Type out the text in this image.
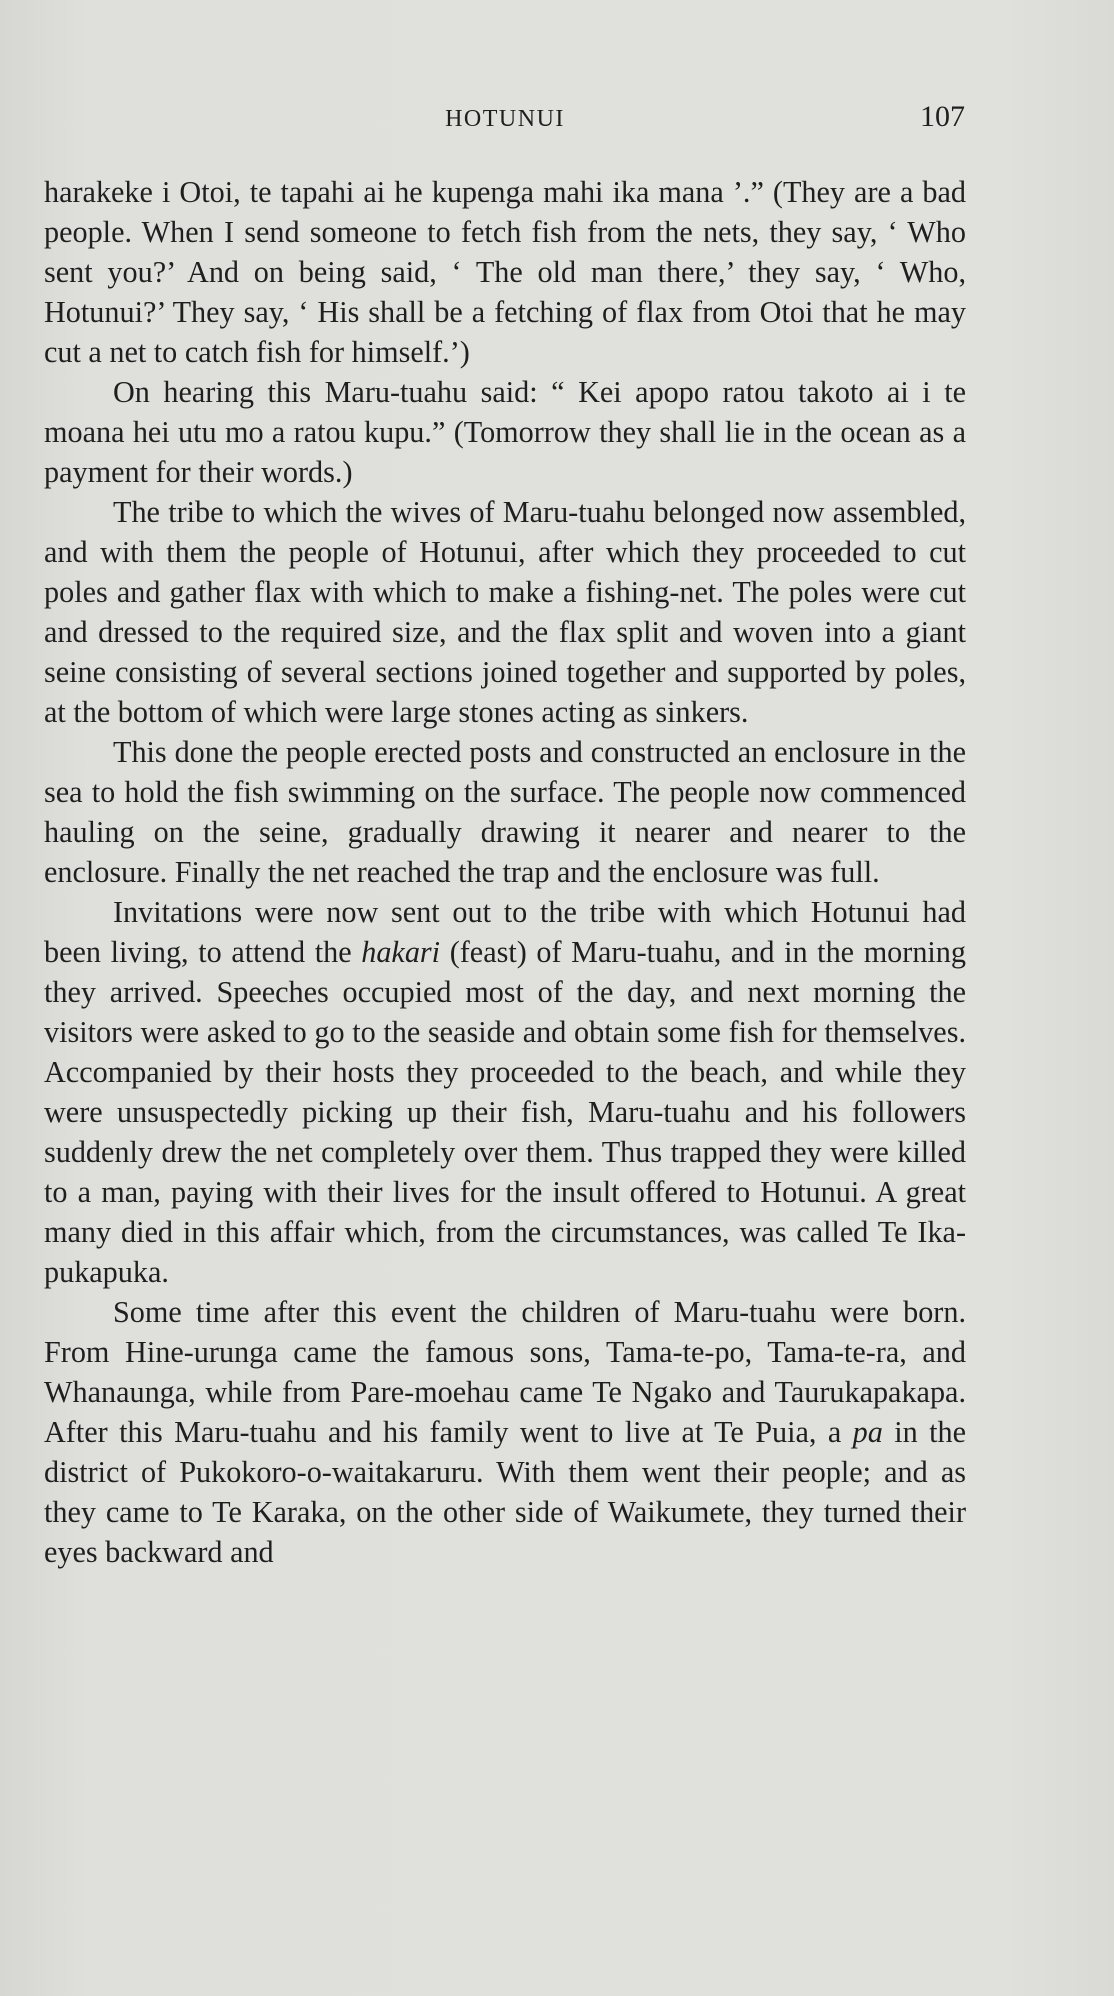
HOTUNUI	107

harakeke i Otoi, te tapahi ai he kupenga mahi ika mana ’.” (They are a bad people. When I send someone to fetch fish from the nets, they say, ‘ Who sent you?’ And on being said, ‘ The old man there,’ they say, ‘ Who, Hotunui?’ They say, ‘ His shall be a fetching of flax from Otoi that he may cut a net to catch fish for himself.’)

On hearing this Maru-tuahu said: “ Kei apopo ratou takoto ai i te moana hei utu mo a ratou kupu.” (Tomorrow they shall lie in the ocean as a payment for their words.)

The tribe to which the wives of Maru-tuahu belonged now assembled, and with them the people of Hotunui, after which they proceeded to cut poles and gather flax with which to make a fishing-net. The poles were cut and dressed to the required size, and the flax split and woven into a giant seine consisting of several sections joined together and supported by poles, at the bottom of which were large stones acting as sinkers.

This done the people erected posts and constructed an enclosure in the sea to hold the fish swimming on the surface. The people now commenced hauling on the seine, gradually drawing it nearer and nearer to the enclosure. Finally the net reached the trap and the enclosure was full.

Invitations were now sent out to the tribe with which Hotunui had been living, to attend the hakari (feast) of Maru-tuahu, and in the morning they arrived. Speeches occupied most of the day, and next morning the visitors were asked to go to the seaside and obtain some fish for themselves. Accompanied by their hosts they proceeded to the beach, and while they were unsuspectedly picking up their fish, Maru-tuahu and his followers suddenly drew the net completely over them. Thus trapped they were killed to a man, paying with their lives for the insult offered to Hotunui. A great many died in this affair which, from the circumstances, was called Te Ika-pukapuka.

Some time after this event the children of Maru-tuahu were born. From Hine-urunga came the famous sons, Tama-te-po, Tama-te-ra, and Whanaunga, while from Pare-moehau came Te Ngako and Taurukapakapa. After this Maru-tuahu and his family went to live at Te Puia, a pa in the district of Pukokoro-o-waitakaruru. With them went their people; and as they came to Te Karaka, on the other side of Waikumete, they turned their eyes backward and
